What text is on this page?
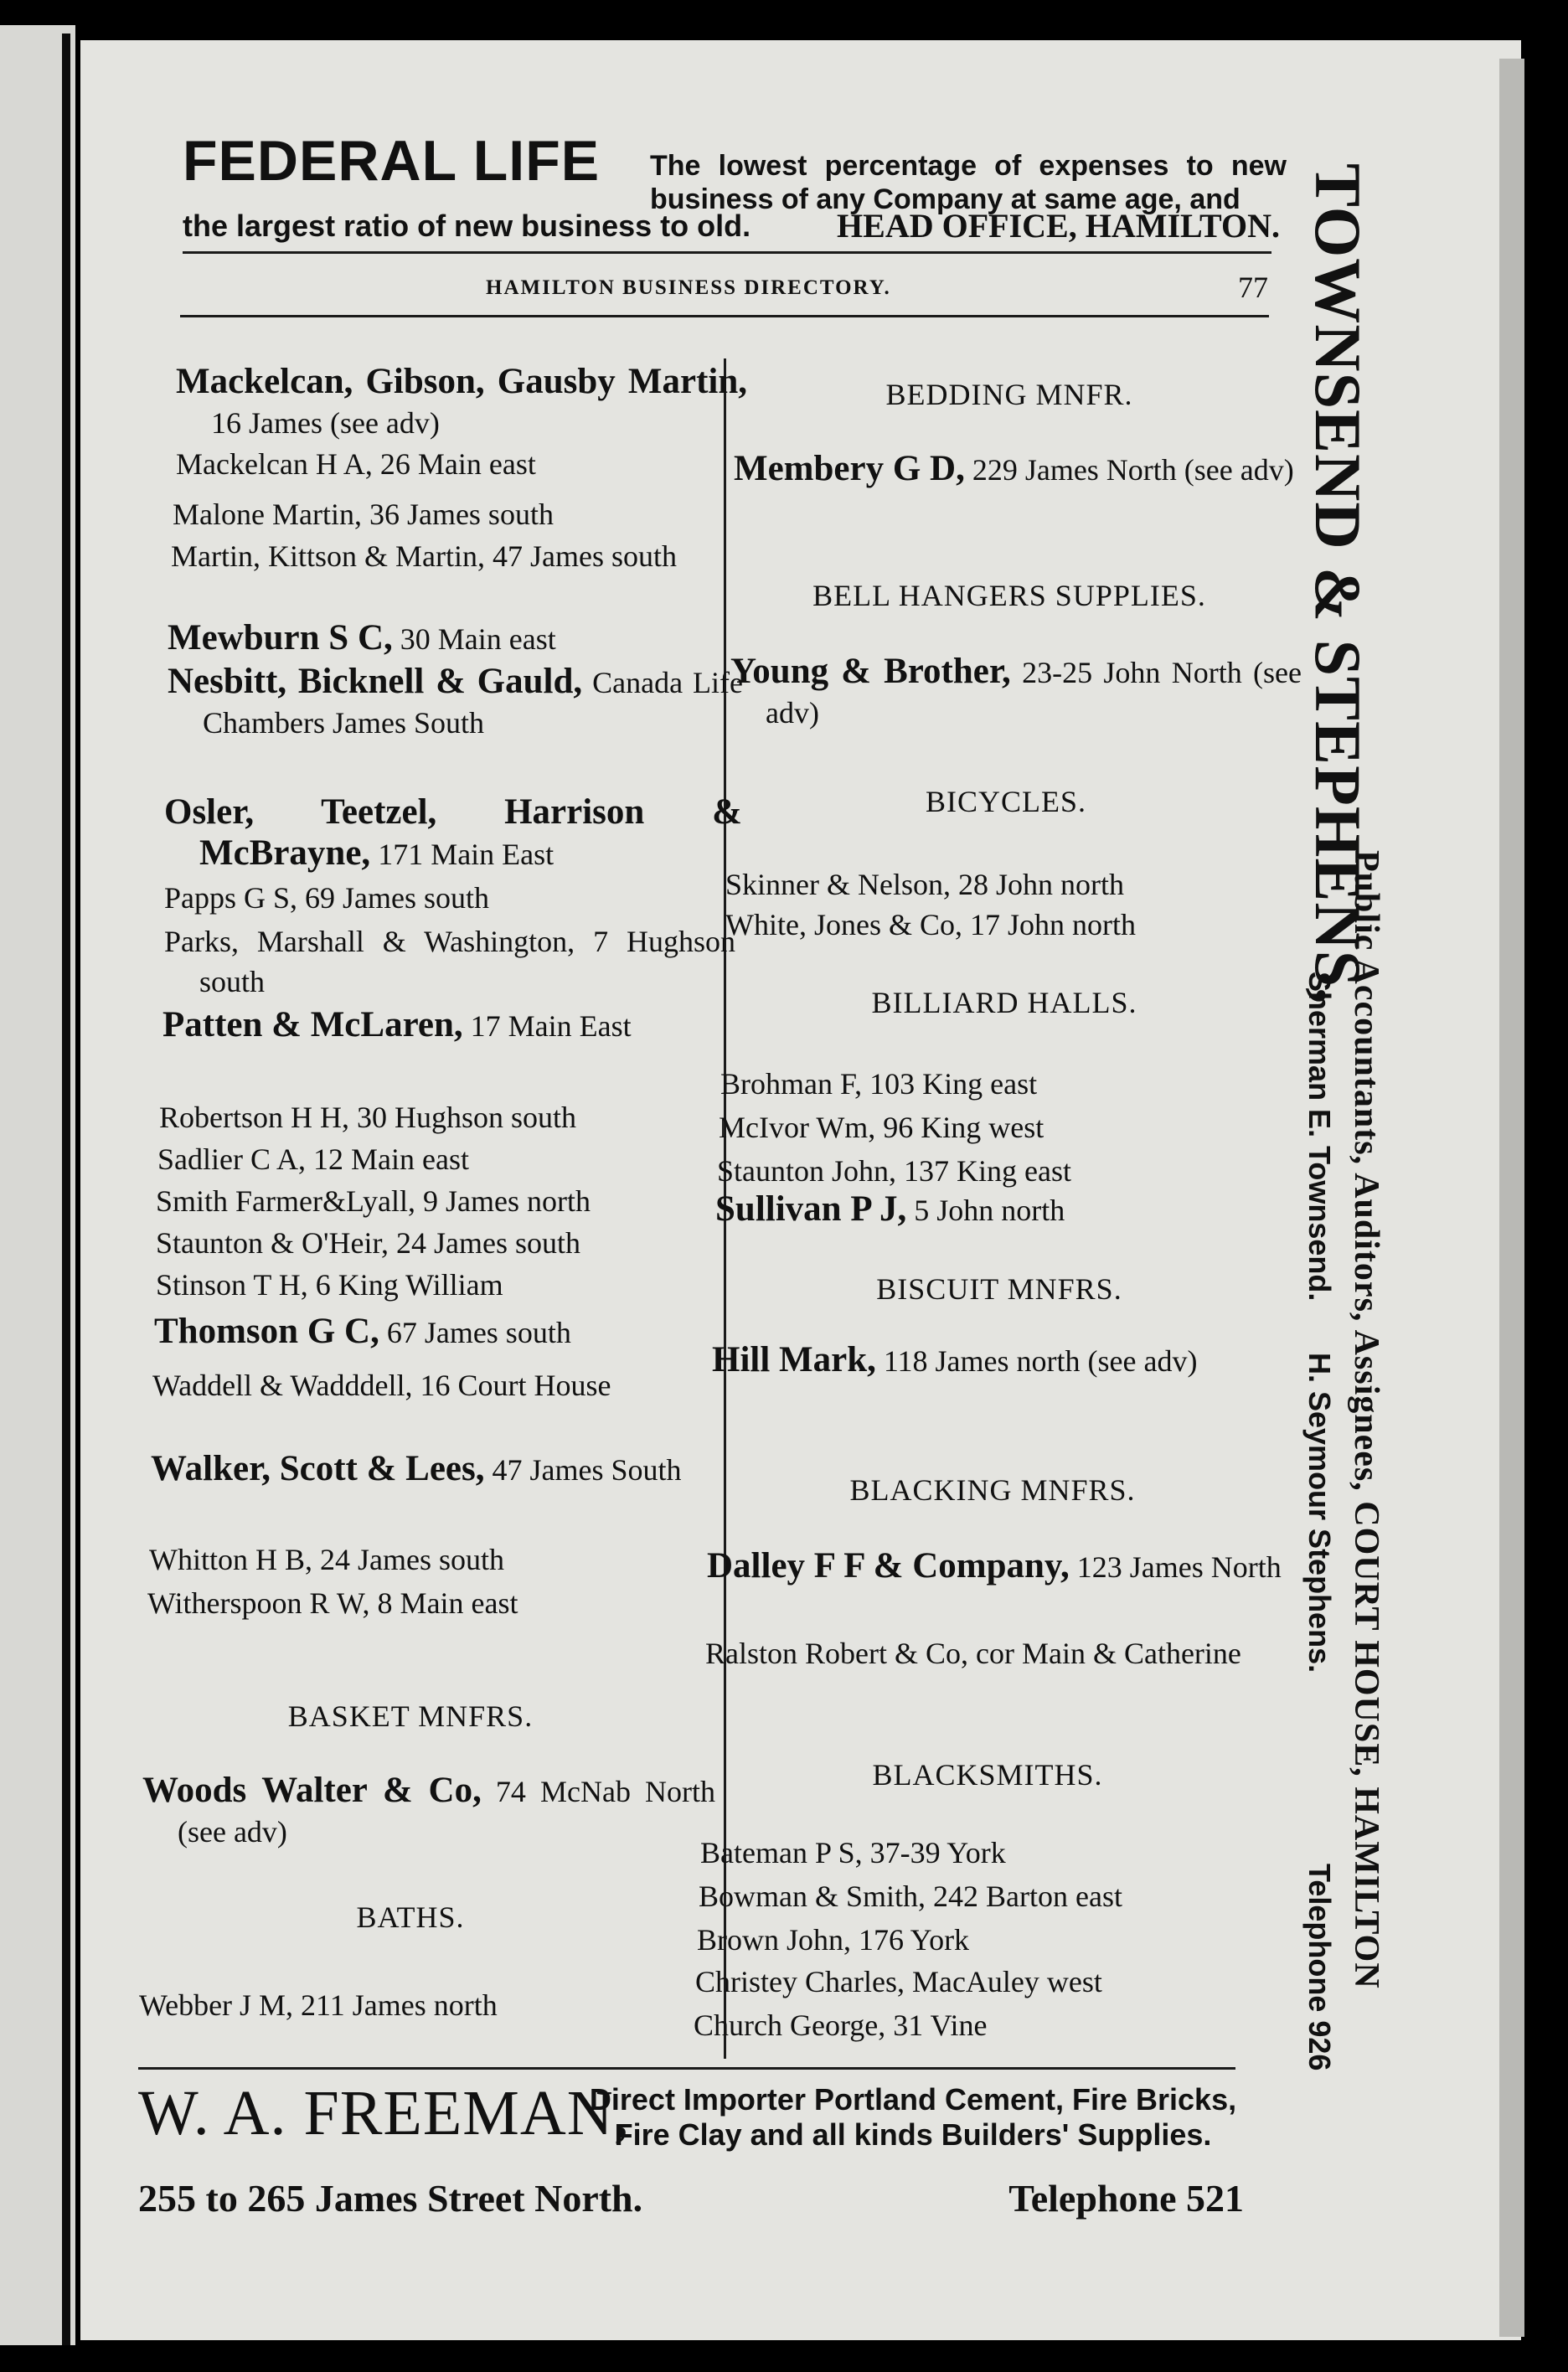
FEDERAL LIFE The lowest percentage of expenses to new business of any Company at same age, and
the largest ratio of new business to old.	HEAD OFFICE, HAMILTON.
HAMILTON BUSINESS DIRECTORY.	77
Mackelcan, Gibson, Gausby Martin, 16 James (see adv)
Mackelcan H A, 26 Main east
Malone Martin, 36 James south
Martin, Kittson & Martin, 47 James south
Mewburn S C, 30 Main east
Nesbitt, Bicknell & Gauld, Canada Life Chambers James South
Osler, Teetzel, Harrison & McBrayne, 171 Main East
Papps G S, 69 James south
Parks, Marshall & Washington, 7 Hughson south
Patten & McLaren, 17 Main East
Robertson H H, 30 Hughson south
Sadlier C A, 12 Main east
Smith Farmer&Lyall, 9 James north
Staunton & O'Heir, 24 James south
Stinson T H, 6 King William
Thomson G C, 67 James south
Waddell & Wadddell, 16 Court House
Walker, Scott & Lees, 47 James South
Whitton H B, 24 James south
Witherspoon R W, 8 Main east
BASKET MNFRS.
Woods Walter & Co, 74 McNab North (see adv)
BATHS.
Webber J M, 211 James north
BEDDING MNFR.
Membery G D, 229 James North (see adv)
BELL HANGERS SUPPLIES.
Young & Brother, 23-25 John North (see adv)
BICYCLES.
Skinner & Nelson, 28 John north
White, Jones & Co, 17 John north
BILLIARD HALLS.
Brohman F, 103 King east
McIvor Wm, 96 King west
Staunton John, 137 King east
Sullivan P J, 5 John north
BISCUIT MNFRS.
Hill Mark, 118 James north (see adv)
BLACKING MNFRS.
Dalley F F & Company, 123 James North
Ralston Robert & Co, cor Main & Catherine
BLACKSMITHS.
Bateman P S, 37-39 York
Bowman & Smith, 242 Barton east
Brown John, 176 York
Christey Charles, MacAuley west
Church George, 31 Vine
TOWNSEND & STEPHENS,
Public Accountants, Auditors, Assignees, COURT HOUSE, HAMILTON
Sherman E. Townsend.
H. Seymour Stephens.
Telephone 926
W. A. FREEMAN,
Direct Importer Portland Cement, Fire Bricks, Fire Clay and all kinds Builders' Supplies.
255 to 265 James Street North.	Telephone 521
